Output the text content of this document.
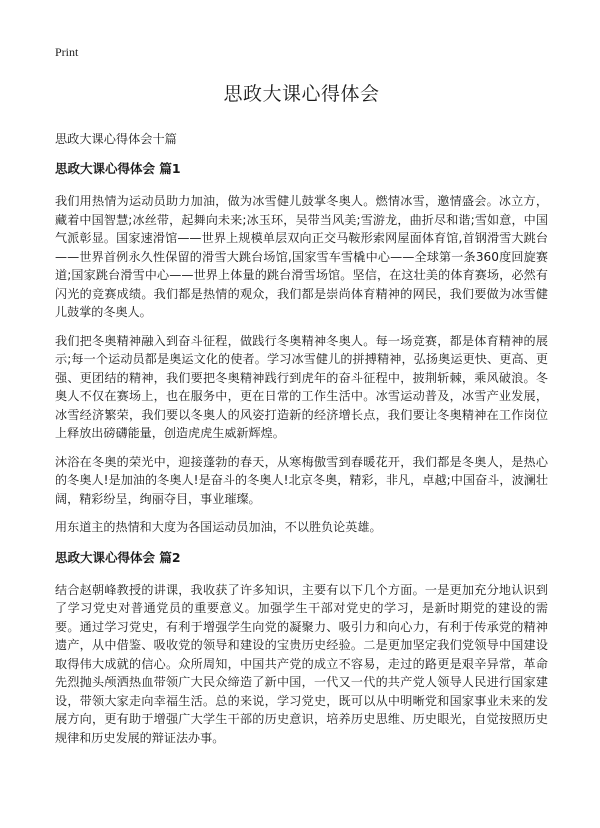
Print

思政大课心得体会

思政大课心得体会十篇

思政大课心得体会 篇1

我们用热情为运动员助力加油，做为冰雪健儿鼓掌冬奥人。燃情冰雪，邀情盛会。冰立方，藏着中国智慧;冰丝带，起舞向未来;冰玉环，吴带当风美;雪游龙，曲折尽和谐;雪如意，中国气派彰显。国家速滑馆——世界上规模单层双向正交马鞍形索网屋面体育馆,首钢滑雪大跳台——世界首例永久性保留的滑雪大跳台场馆,国家雪车雪橇中心——全球第一条360度回旋赛道;国家跳台滑雪中心——世界上体量的跳台滑雪场馆。坚信，在这壮美的体育赛场，必然有闪光的竞赛成绩。我们都是热情的观众，我们都是崇尚体育精神的网民，我们要做为冰雪健儿鼓掌的冬奥人。

我们把冬奥精神融入到奋斗征程，做践行冬奥精神冬奥人。每一场竞赛，都是体育精神的展示;每一个运动员都是奥运文化的使者。学习冰雪健儿的拼搏精神，弘扬奥运更快、更高、更强、更团结的精神，我们要把冬奥精神践行到虎年的奋斗征程中，披荆斩棘，乘风破浪。冬奥人不仅在赛场上，也在服务中，更在日常的工作生活中。冰雪运动普及，冰雪产业发展，冰雪经济繁荣，我们要以冬奥人的风姿打造新的经济增长点，我们要让冬奥精神在工作岗位上释放出磅礴能量，创造虎虎生威新辉煌。

沐浴在冬奥的荣光中，迎接蓬勃的春天，从寒梅傲雪到春暖花开，我们都是冬奥人，是热心的冬奥人!是加油的冬奥人!是奋斗的冬奥人!北京冬奥，精彩，非凡，卓越;中国奋斗，波澜壮阔，精彩纷呈，绚丽夺目，事业璀璨。

用东道主的热情和大度为各国运动员加油，不以胜负论英雄。

思政大课心得体会 篇2

结合赵朝峰教授的讲课，我收获了许多知识，主要有以下几个方面。一是更加充分地认识到了学习党史对普通党员的重要意义。加强学生干部对党史的学习，是新时期党的建设的需要。通过学习党史，有利于增强学生向党的凝聚力、吸引力和向心力，有利于传承党的精神遗产，从中借鉴、吸收党的领导和建设的宝贵历史经验。二是更加坚定我们党领导中国建设取得伟大成就的信心。众所周知，中国共产党的成立不容易，走过的路更是艰辛异常，革命先烈抛头颅洒热血带领广大民众缔造了新中国，一代又一代的共产党人领导人民进行国家建设，带领大家走向幸福生活。总的来说，学习党史，既可以从中明晰党和国家事业未来的发展方向，更有助于增强广大学生干部的历史意识，培养历史思维、历史眼光，自觉按照历史规律和历史发展的辩证法办事。
